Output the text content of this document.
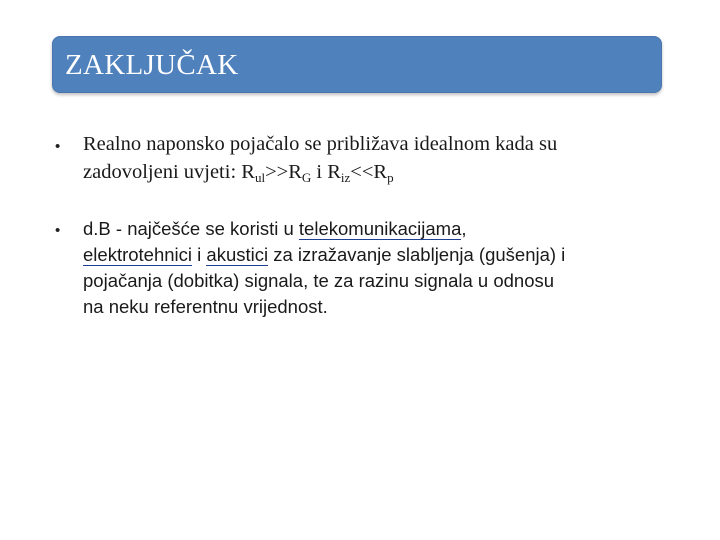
ZAKLJUČAK
• Realno naponsko pojačalo se približava idealnom kada su
zadovoljeni uvjeti: Rul>>RG i Riz<<Rp
• d.B - najčešće se koristi u telekomunikacijama,
elektrotehnici i akustici za izražavanje slabljenja (gušenja) i
pojačanja (dobitka) signala, te za razinu signala u odnosu
na neku referentnu vrijednost.
